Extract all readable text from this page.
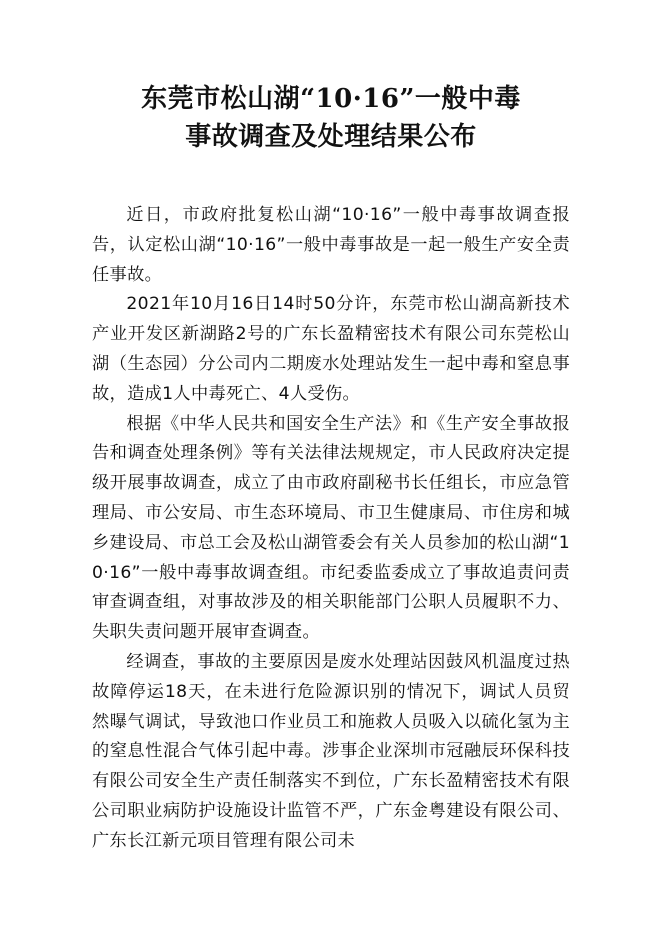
东莞市松山湖“10·16”一般中毒
事故调查及处理结果公布

近日，市政府批复松山湖“10·16”一般中毒事故调查报告，认定松山湖“10·16”一般中毒事故是一起一般生产安全责任事故。

2021年10月16日14时50分许，东莞市松山湖高新技术产业开发区新湖路2号的广东长盈精密技术有限公司东莞松山湖（生态园）分公司内二期废水处理站发生一起中毒和窒息事故，造成1人中毒死亡、4人受伤。

根据《中华人民共和国安全生产法》和《生产安全事故报告和调查处理条例》等有关法律法规规定，市人民政府决定提级开展事故调查，成立了由市政府副秘书长任组长，市应急管理局、市公安局、市生态环境局、市卫生健康局、市住房和城乡建设局、市总工会及松山湖管委会有关人员参加的松山湖“10·16”一般中毒事故调查组。市纪委监委成立了事故追责问责审查调查组，对事故涉及的相关职能部门公职人员履职不力、失职失责问题开展审查调查。

经调查，事故的主要原因是废水处理站因鼓风机温度过热故障停运18天，在未进行危险源识别的情况下，调试人员贸然曝气调试，导致池口作业员工和施救人员吸入以硫化氢为主的窒息性混合气体引起中毒。涉事企业深圳市冠融辰环保科技有限公司安全生产责任制落实不到位，广东长盈精密技术有限公司职业病防护设施设计监管不严，广东金粤建设有限公司、广东长江新元项目管理有限公司未
